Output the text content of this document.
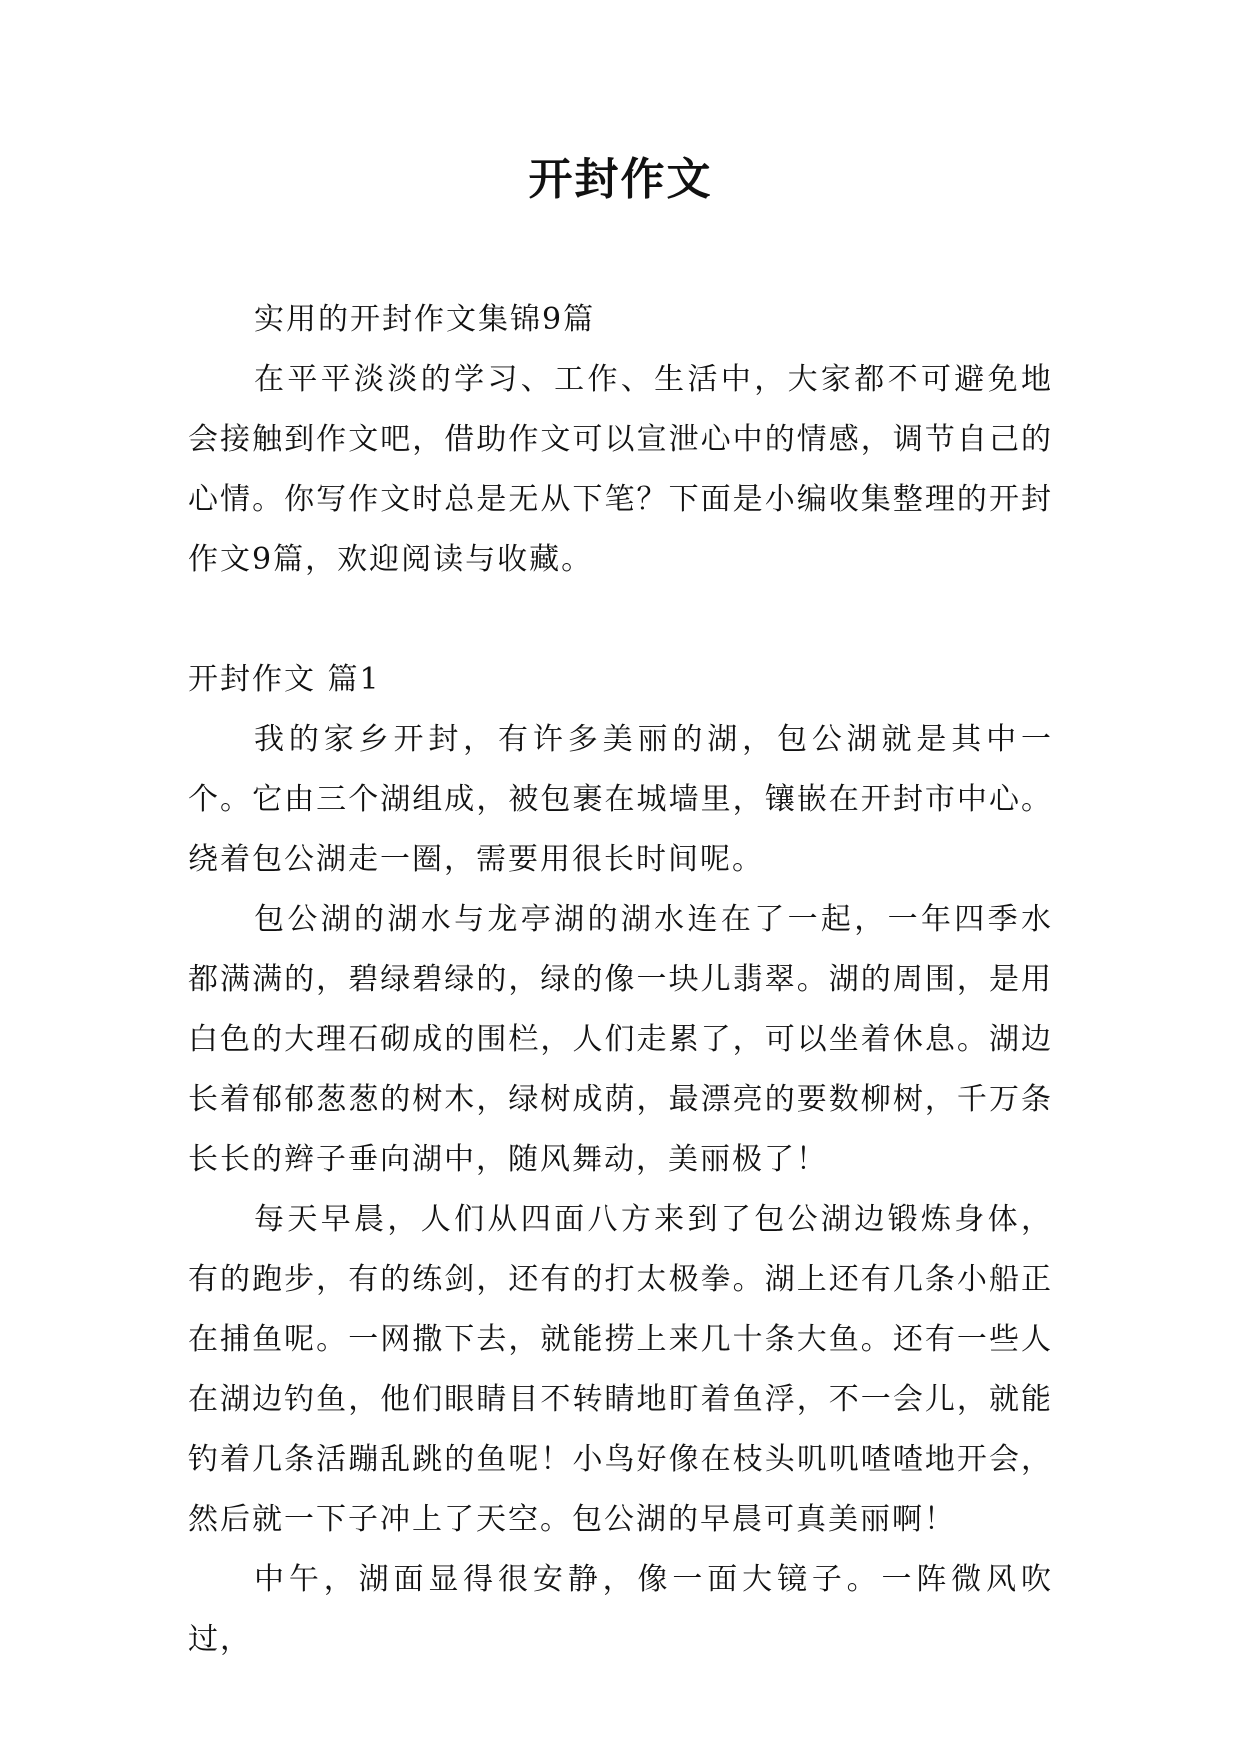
开封作文

实用的开封作文集锦9篇

在平平淡淡的学习、工作、生活中，大家都不可避免地会接触到作文吧，借助作文可以宣泄心中的情感，调节自己的心情。你写作文时总是无从下笔？下面是小编收集整理的开封作文9篇，欢迎阅读与收藏。

开封作文 篇1

我的家乡开封，有许多美丽的湖，包公湖就是其中一个。它由三个湖组成，被包裹在城墙里，镶嵌在开封市中心。绕着包公湖走一圈，需要用很长时间呢。

包公湖的湖水与龙亭湖的湖水连在了一起，一年四季水都满满的，碧绿碧绿的，绿的像一块儿翡翠。湖的周围，是用白色的大理石砌成的围栏，人们走累了，可以坐着休息。湖边长着郁郁葱葱的树木，绿树成荫，最漂亮的要数柳树，千万条长长的辫子垂向湖中，随风舞动，美丽极了！

每天早晨，人们从四面八方来到了包公湖边锻炼身体，有的跑步，有的练剑，还有的打太极拳。湖上还有几条小船正在捕鱼呢。一网撒下去，就能捞上来几十条大鱼。还有一些人在湖边钓鱼，他们眼睛目不转睛地盯着鱼浮，不一会儿，就能钓着几条活蹦乱跳的鱼呢！小鸟好像在枝头叽叽喳喳地开会，然后就一下子冲上了天空。包公湖的早晨可真美丽啊！

中午，湖面显得很安静，像一面大镜子。一阵微风吹过，
